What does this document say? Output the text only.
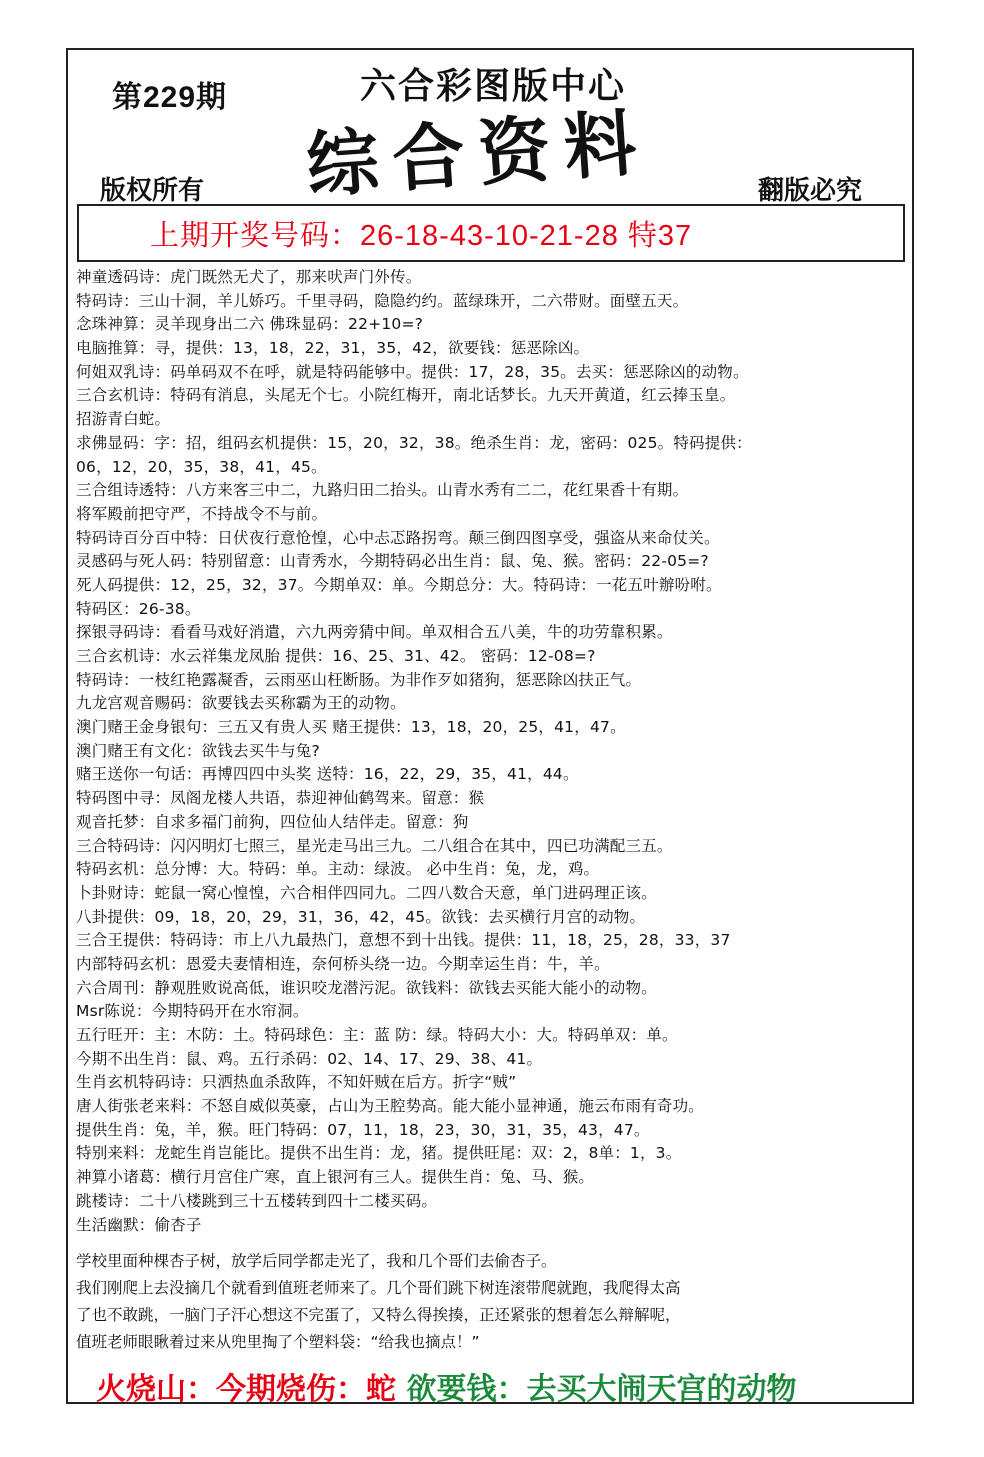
第229期	六合彩图版中心
综合资料
版权所有	翻版必究
上期开奖号码：26-18-43-10-21-28 特37
神童透码诗：虎门既然无犬了，那来吠声门外传。
特码诗：三山十洞，羊儿娇巧。千里寻码，隐隐约约。蓝绿珠开，二六带财。面壁五天。
念珠神算：灵羊现身出二六 佛珠显码：22+10=?
电脑推算：寻，提供：13，18，22，31，35，42，欲要钱：惩恶除凶。
何姐双乳诗：码单码双不在呼，就是特码能够中。提供：17，28，35。去买：惩恶除凶的动物。
三合玄机诗：特码有消息，头尾无个七。小院红梅开，南北话梦长。九天开黄道，红云捧玉皇。
招游青白蛇。
求佛显码：字：招，组码玄机提供：15，20，32，38。绝杀生肖：龙，密码：025。特码提供：
06，12，20，35，38，41，45。
三合组诗透特：八方来客三中二，九路归田二抬头。山青水秀有二二，花红果香十有期。
将军殿前把守严，不持战令不与前。
特码诗百分百中特：日伏夜行意怆惶，心中忐忑路拐弯。颠三倒四图享受，强盗从来命仗关。
灵感码与死人码：特别留意：山青秀水，今期特码必出生肖：鼠、兔、猴。密码：22-05=?
死人码提供：12，25，32，37。今期单双：单。今期总分：大。特码诗：一花五叶辦吩咐。
特码区：26-38。
探银寻码诗：看看马戏好消遣，六九两旁猜中间。单双相合五八美，牛的功劳靠积累。
三合玄机诗：水云祥集龙凤胎 提供：16、25、31、42。 密码：12-08=?
特码诗：一枝红艳露凝香，云雨巫山枉断肠。为非作歹如猪狗，惩恶除凶扶正气。
九龙宫观音赐码：欲要钱去买称霸为王的动物。
澳门赌王金身银句：三五又有贵人买 赌王提供：13，18，20，25，41，47。
澳门赌王有文化：欲钱去买牛与兔?
赌王送你一句话：再博四四中头奖 送特：16，22，29，35，41，44。
特码图中寻：凤阁龙楼人共语，恭迎神仙鹤驾来。留意：猴
观音托梦：自求多福门前狗，四位仙人结伴走。留意：狗
三合特码诗：闪闪明灯七照三，星光走马出三九。二八组合在其中，四已功满配三五。
特码玄机：总分博：大。特码：单。主动：绿波。 必中生肖：兔，龙，鸡。
卜卦财诗：蛇鼠一窝心惶惶，六合相伴四同九。二四八数合天意，单门进码理正该。
八卦提供：09，18，20，29，31，36，42，45。欲钱：去买横行月宫的动物。
三合王提供：特码诗：市上八九最热门，意想不到十出钱。提供：11，18，25，28，33，37
内部特码玄机：恩爱夫妻情相连，奈何桥头绕一边。今期幸运生肖：牛，羊。
六合周刊：静观胜败说高低，谁识咬龙潜污泥。欲钱料：欲钱去买能大能小的动物。
Msr陈说：今期特码开在水帘洞。
五行旺开：主：木防：土。特码球色：主：蓝 防：绿。特码大小：大。特码单双：单。
今期不出生肖：鼠、鸡。五行杀码：02、14、17、29、38、41。
生肖玄机特码诗：只洒热血杀敌阵，不知奸贼在后方。折字“贼”
唐人街张老来料：不怒自威似英豪，占山为王腔势高。能大能小显神通，施云布雨有奇功。
提供生肖：兔，羊，猴。旺门特码：07，11，18，23，30，31，35，43，47。
特别来料：龙蛇生肖岂能比。提供不出生肖：龙，猪。提供旺尾：双：2，8单：1，3。
神算小诸葛：横行月宫住广寒，直上银河有三人。提供生肖：兔、马、猴。
跳楼诗：二十八楼跳到三十五楼转到四十二楼买码。
生活幽默：偷杏子
学校里面种棵杏子树，放学后同学都走光了，我和几个哥们去偷杏子。
我们刚爬上去没摘几个就看到值班老师来了。几个哥们跳下树连滚带爬就跑，我爬得太高
了也不敢跳，一脑门子汗心想这不完蛋了，又特么得挨揍，正还紧张的想着怎么辩解呢，
值班老师眼瞅着过来从兜里掏了个塑料袋：“给我也摘点！”
火烧山：今期烧伤：蛇 欲要钱：去买大闹天宫的动物
